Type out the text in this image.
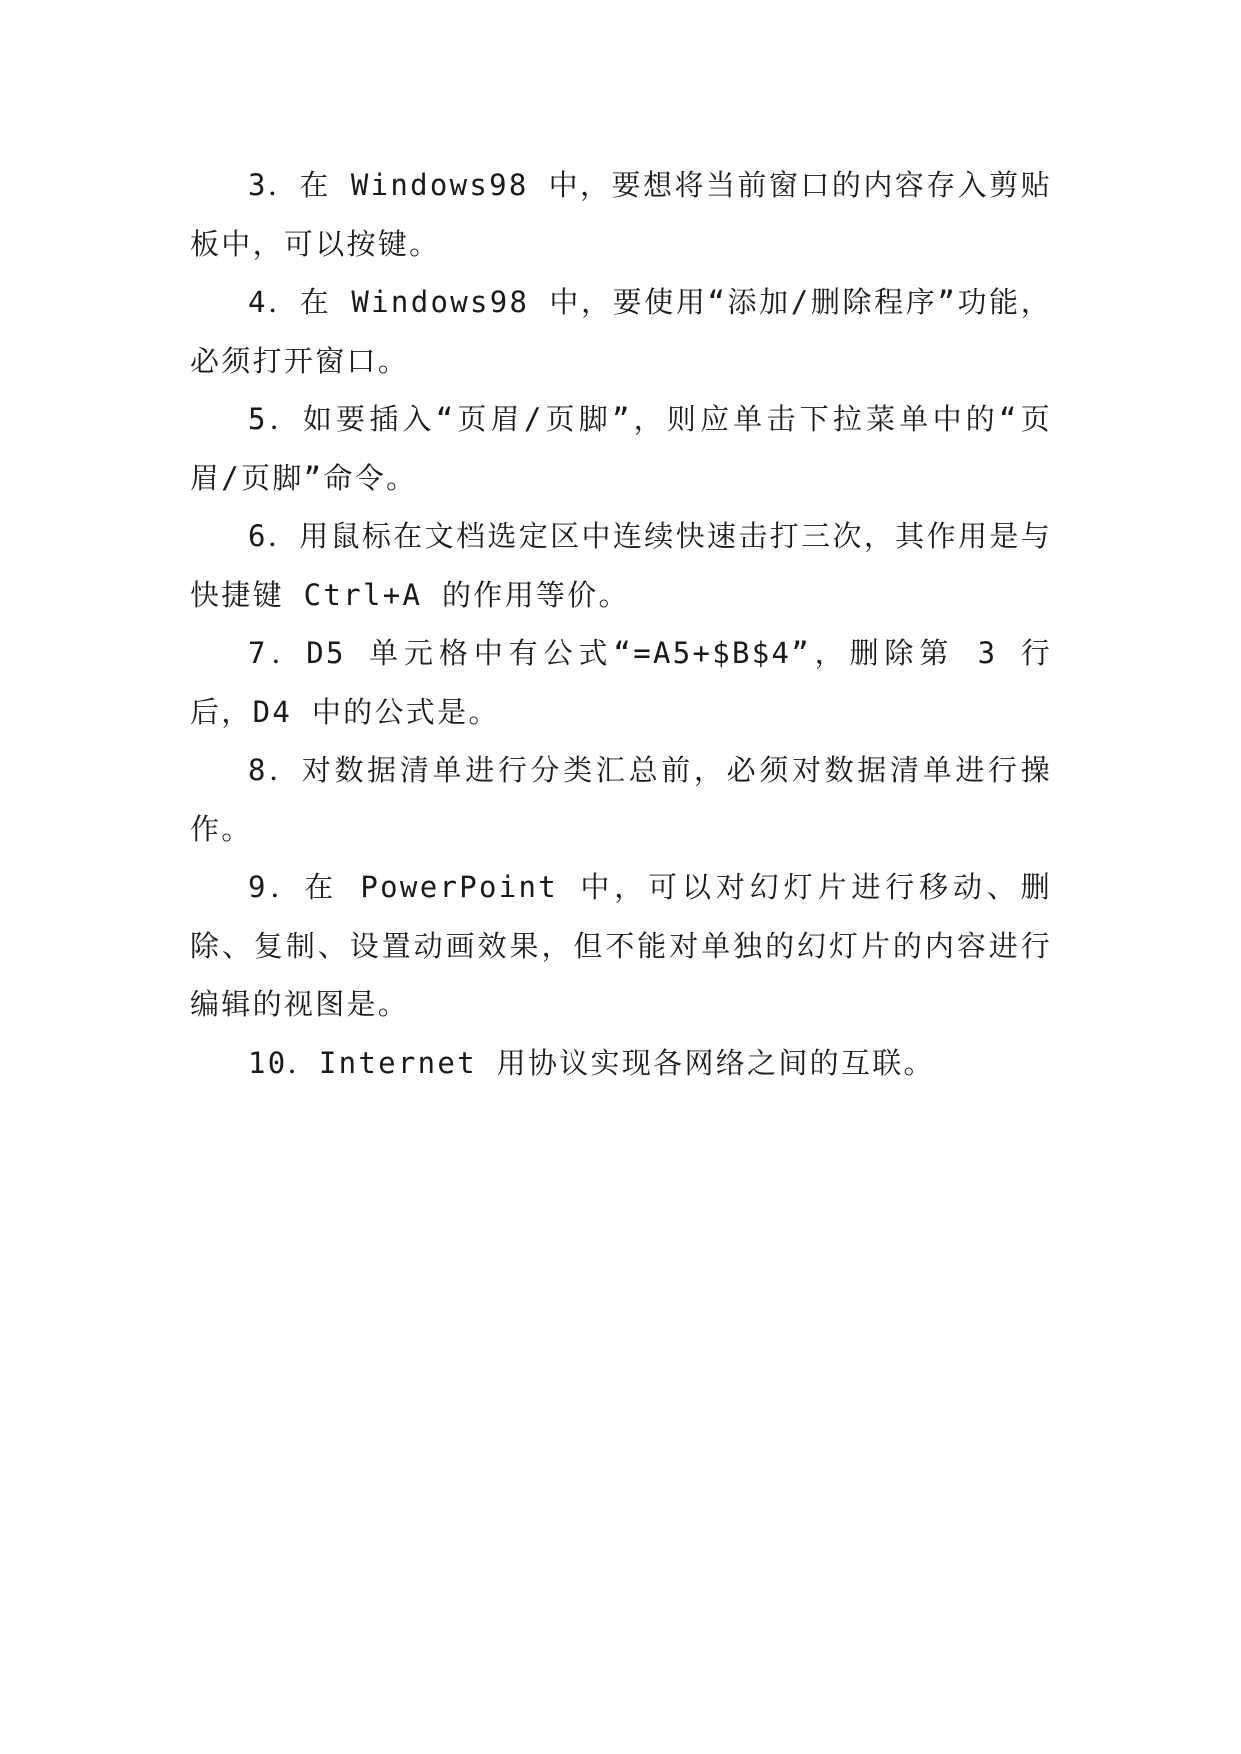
3．在 Windows98 中，要想将当前窗口的内容存入剪贴板中，可以按键。

4．在 Windows98 中，要使用“添加/删除程序”功能，必须打开窗口。

5．如要插入“页眉/页脚”，则应单击下拉菜单中的“页眉/页脚”命令。

6．用鼠标在文档选定区中连续快速击打三次，其作用是与快捷键 Ctrl+A 的作用等价。

7．D5 单元格中有公式“=A5+$B$4”，删除第 3 行后，D4 中的公式是。

8．对数据清单进行分类汇总前，必须对数据清单进行操作。

9．在 PowerPoint 中，可以对幻灯片进行移动、删除、复制、设置动画效果，但不能对单独的幻灯片的内容进行编辑的视图是。

10．Internet 用协议实现各网络之间的互联。
